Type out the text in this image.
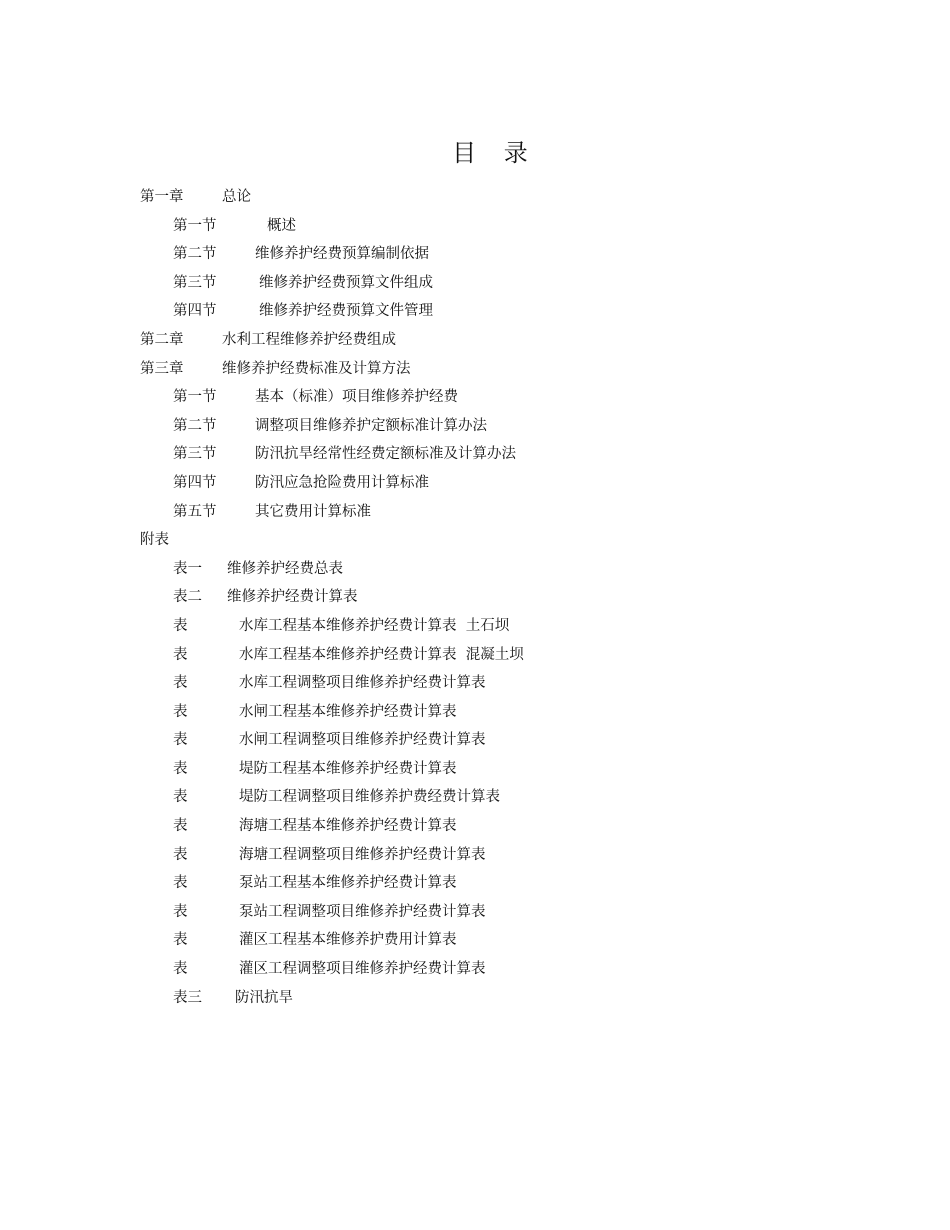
目 录
第一章	总论
第一节	概述
第二节	维修养护经费预算编制依据
第三节	维修养护经费预算文件组成
第四节	维修养护经费预算文件管理
第二章	水利工程维修养护经费组成
第三章	维修养护经费标准及计算方法
第一节	基本（标准）项目维修养护经费
第二节	调整项目维修养护定额标准计算办法
第三节	防汛抗旱经常性经费定额标准及计算办法
第四节	防汛应急抢险费用计算标准
第五节	其它费用计算标准
附表
表一 维修养护经费总表
表二 维修养护经费计算表
表	水库工程基本维修养护经费计算表  土石坝
表	水库工程基本维修养护经费计算表  混凝土坝
表	水库工程调整项目维修养护经费计算表
表	水闸工程基本维修养护经费计算表
表	水闸工程调整项目维修养护经费计算表
表	堤防工程基本维修养护经费计算表
表	堤防工程调整项目维修养护费经费计算表
表	海塘工程基本维修养护经费计算表
表	海塘工程调整项目维修养护经费计算表
表	泵站工程基本维修养护经费计算表
表	泵站工程调整项目维修养护经费计算表
表	灌区工程基本维修养护费用计算表
表	灌区工程调整项目维修养护经费计算表
表三 防汛抗旱
